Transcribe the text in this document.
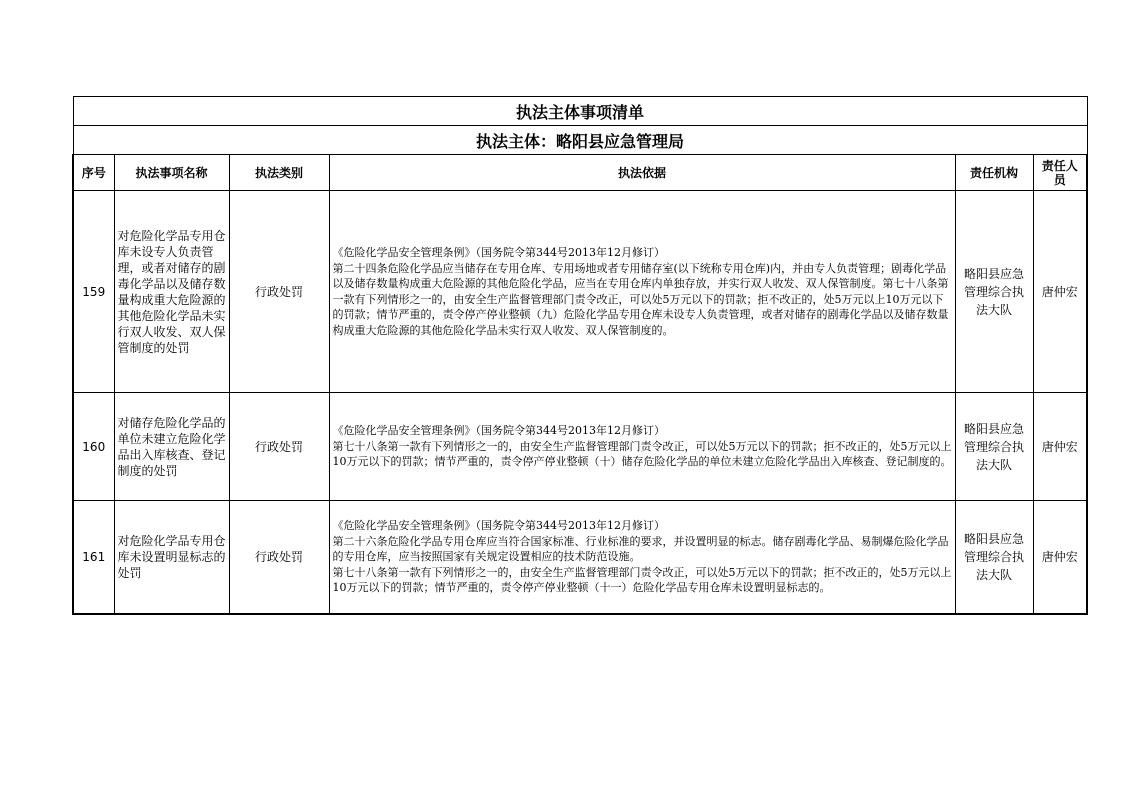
执法主体事项清单					
执法主体：略阳县应急管理局					
序号	执法事项名称	执法类别	执法依据	责任机构	责任人员
159	对危险化学品专用仓库未设专人负责管理，或者对储存的剧毒化学品以及储存数量构成重大危险源的其他危险化学品未实行双人收发、双人保管制度的处罚	行政处罚	《危险化学品安全管理条例》（国务院令第344号2013年12月修订）
第二十四条危险化学品应当储存在专用仓库、专用场地或者专用储存室(以下统称专用仓库)内，并由专人负责管理；剧毒化学品以及储存数量构成重大危险源的其他危险化学品，应当在专用仓库内单独存放，并实行双人收发、双人保管制度。第七十八条第一款有下列情形之一的，由安全生产监督管理部门责令改正，可以处5万元以下的罚款；拒不改正的，处5万元以上10万元以下的罚款；情节严重的，责令停产停业整顿（九）危险化学品专用仓库未设专人负责管理，或者对储存的剧毒化学品以及储存数量构成重大危险源的其他危险化学品未实行双人收发、双人保管制度的。	略阳县应急管理综合执法大队	唐仲宏
160	对储存危险化学品的单位未建立危险化学品出入库核查、登记制度的处罚	行政处罚	《危险化学品安全管理条例》（国务院令第344号2013年12月修订）
第七十八条第一款有下列情形之一的，由安全生产监督管理部门责令改正，可以处5万元以下的罚款；拒不改正的，处5万元以上10万元以下的罚款；情节严重的，责令停产停业整顿（十）储存危险化学品的单位未建立危险化学品出入库核查、登记制度的。	略阳县应急管理综合执法大队	唐仲宏
161	对危险化学品专用仓库未设置明显标志的处罚	行政处罚	《危险化学品安全管理条例》（国务院令第344号2013年12月修订）
第二十六条危险化学品专用仓库应当符合国家标准、行业标准的要求，并设置明显的标志。储存剧毒化学品、易制爆危险化学品的专用仓库，应当按照国家有关规定设置相应的技术防范设施。
第七十八条第一款有下列情形之一的，由安全生产监督管理部门责令改正，可以处5万元以下的罚款；拒不改正的，处5万元以上10万元以下的罚款；情节严重的，责令停产停业整顿（十一）危险化学品专用仓库未设置明显标志的。	略阳县应急管理综合执法大队	唐仲宏
